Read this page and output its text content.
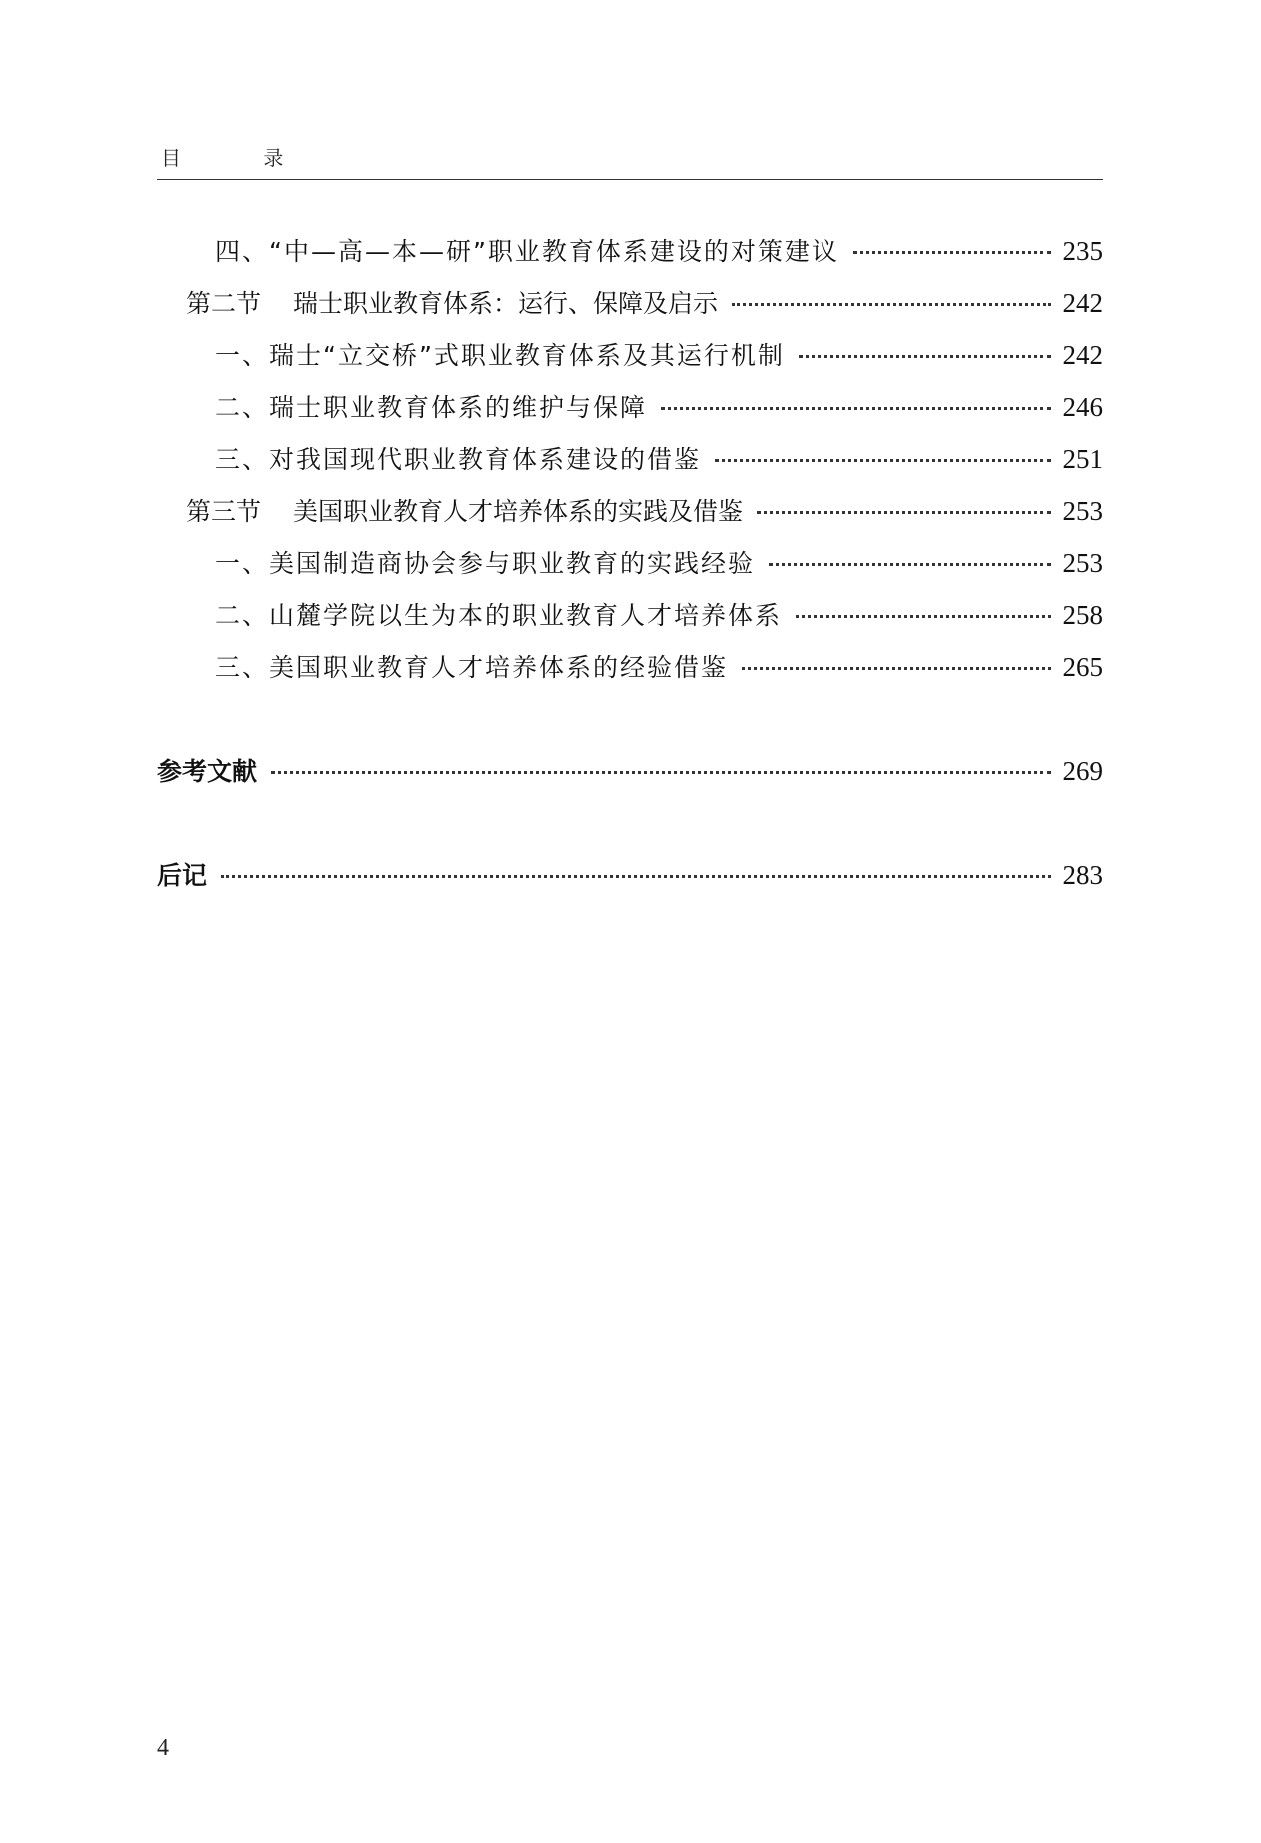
目 录
四、“中—高—本—研”职业教育体系建设的对策建议	235
第二节 瑞士职业教育体系：运行、保障及启示	242
一、瑞士“立交桥”式职业教育体系及其运行机制	242
二、瑞士职业教育体系的维护与保障	246
三、对我国现代职业教育体系建设的借鉴	251
第三节 美国职业教育人才培养体系的实践及借鉴	253
一、美国制造商协会参与职业教育的实践经验	253
二、山麓学院以生为本的职业教育人才培养体系	258
三、美国职业教育人才培养体系的经验借鉴	265
参考文献	269
后记	283
4
